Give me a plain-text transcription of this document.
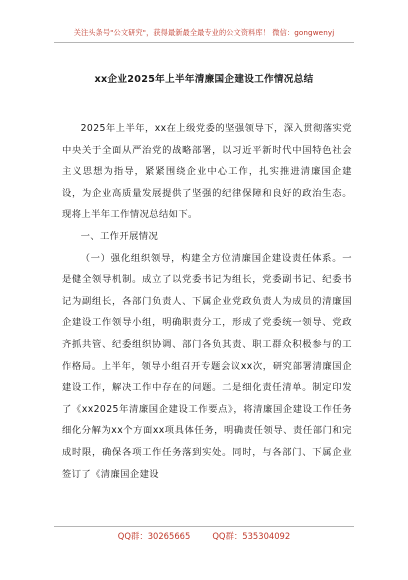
关注头条号"公文研究"，获得最新最全最专业的公文资料库！ 微信：gongwenyj
xx企业2025年上半年清廉国企建设工作情况总结

2025年上半年，xx在上级党委的坚强领导下，深入贯彻落实党中央关于全面从严治党的战略部署，以习近平新时代中国特色社会主义思想为指导，紧紧围绕企业中心工作，扎实推进清廉国企建设，为企业高质量发展提供了坚强的纪律保障和良好的政治生态。现将上半年工作情况总结如下。

一、工作开展情况

（一）强化组织领导，构建全方位清廉国企建设责任体系。一是健全领导机制。成立了以党委书记为组长，党委副书记、纪委书记为副组长，各部门负责人、下属企业党政负责人为成员的清廉国企建设工作领导小组，明确职责分工，形成了党委统一领导、党政齐抓共管、纪委组织协调、部门各负其责、职工群众积极参与的工作格局。上半年，领导小组召开专题会议xx次，研究部署清廉国企建设工作，解决工作中存在的问题。二是细化责任清单。制定印发了《xx2025年清廉国企建设工作要点》，将清廉国企建设工作任务细化分解为xx个方面xx项具体任务，明确责任领导、责任部门和完成时限，确保各项工作任务落到实处。同时，与各部门、下属企业签订了《清廉国企建设

QQ群：30265665	QQ群：535304092
